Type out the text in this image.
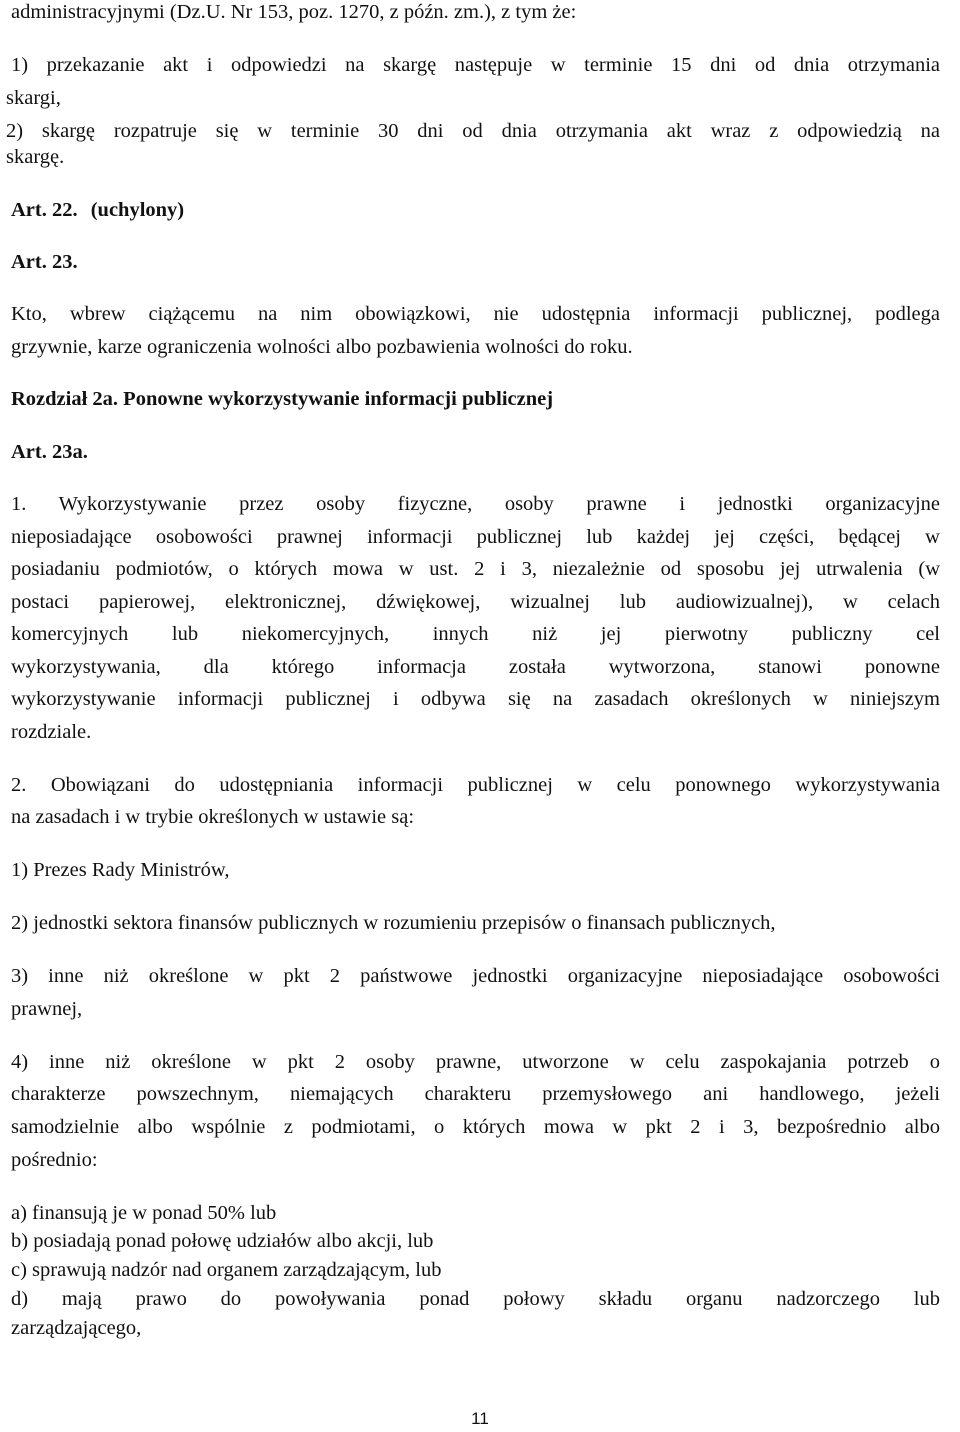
administracyjnymi (Dz.U. Nr 153, poz. 1270, z późn. zm.), z tym że:
1) przekazanie akt i odpowiedzi na skargę następuje w terminie 15 dni od dnia otrzymania
skargi,
2) skargę rozpatruje się w terminie 30 dni od dnia otrzymania akt wraz z odpowiedzią na
skargę.
Art. 22. (uchylony)
Art. 23.
Kto, wbrew ciążącemu na nim obowiązkowi, nie udostępnia informacji publicznej, podlega
grzywnie, karze ograniczenia wolności albo pozbawienia wolności do roku.
Rozdział 2a. Ponowne wykorzystywanie informacji publicznej
Art. 23a.
1. Wykorzystywanie przez osoby fizyczne, osoby prawne i jednostki organizacyjne
nieposiadające osobowości prawnej informacji publicznej lub każdej jej części, będącej w
posiadaniu podmiotów, o których mowa w ust. 2 i 3, niezależnie od sposobu jej utrwalenia (w
postaci papierowej, elektronicznej, dźwiękowej, wizualnej lub audiowizualnej), w celach
komercyjnych lub niekomercyjnych, innych niż jej pierwotny publiczny cel
wykorzystywania, dla którego informacja została wytworzona, stanowi ponowne
wykorzystywanie informacji publicznej i odbywa się na zasadach określonych w niniejszym
rozdziale.
2. Obowiązani do udostępniania informacji publicznej w celu ponownego wykorzystywania
na zasadach i w trybie określonych w ustawie są:
1) Prezes Rady Ministrów,
2) jednostki sektora finansów publicznych w rozumieniu przepisów o finansach publicznych,
3) inne niż określone w pkt 2 państwowe jednostki organizacyjne nieposiadające osobowości
prawnej,
4) inne niż określone w pkt 2 osoby prawne, utworzone w celu zaspokajania potrzeb o
charakterze powszechnym, niemających charakteru przemysłowego ani handlowego, jeżeli
samodzielnie albo wspólnie z podmiotami, o których mowa w pkt 2 i 3, bezpośrednio albo
pośrednio:
a) finansują je w ponad 50% lub
b) posiadają ponad połowę udziałów albo akcji, lub
c) sprawują nadzór nad organem zarządzającym, lub
d) mają prawo do powoływania ponad połowy składu organu nadzorczego lub
zarządzającego,
11
